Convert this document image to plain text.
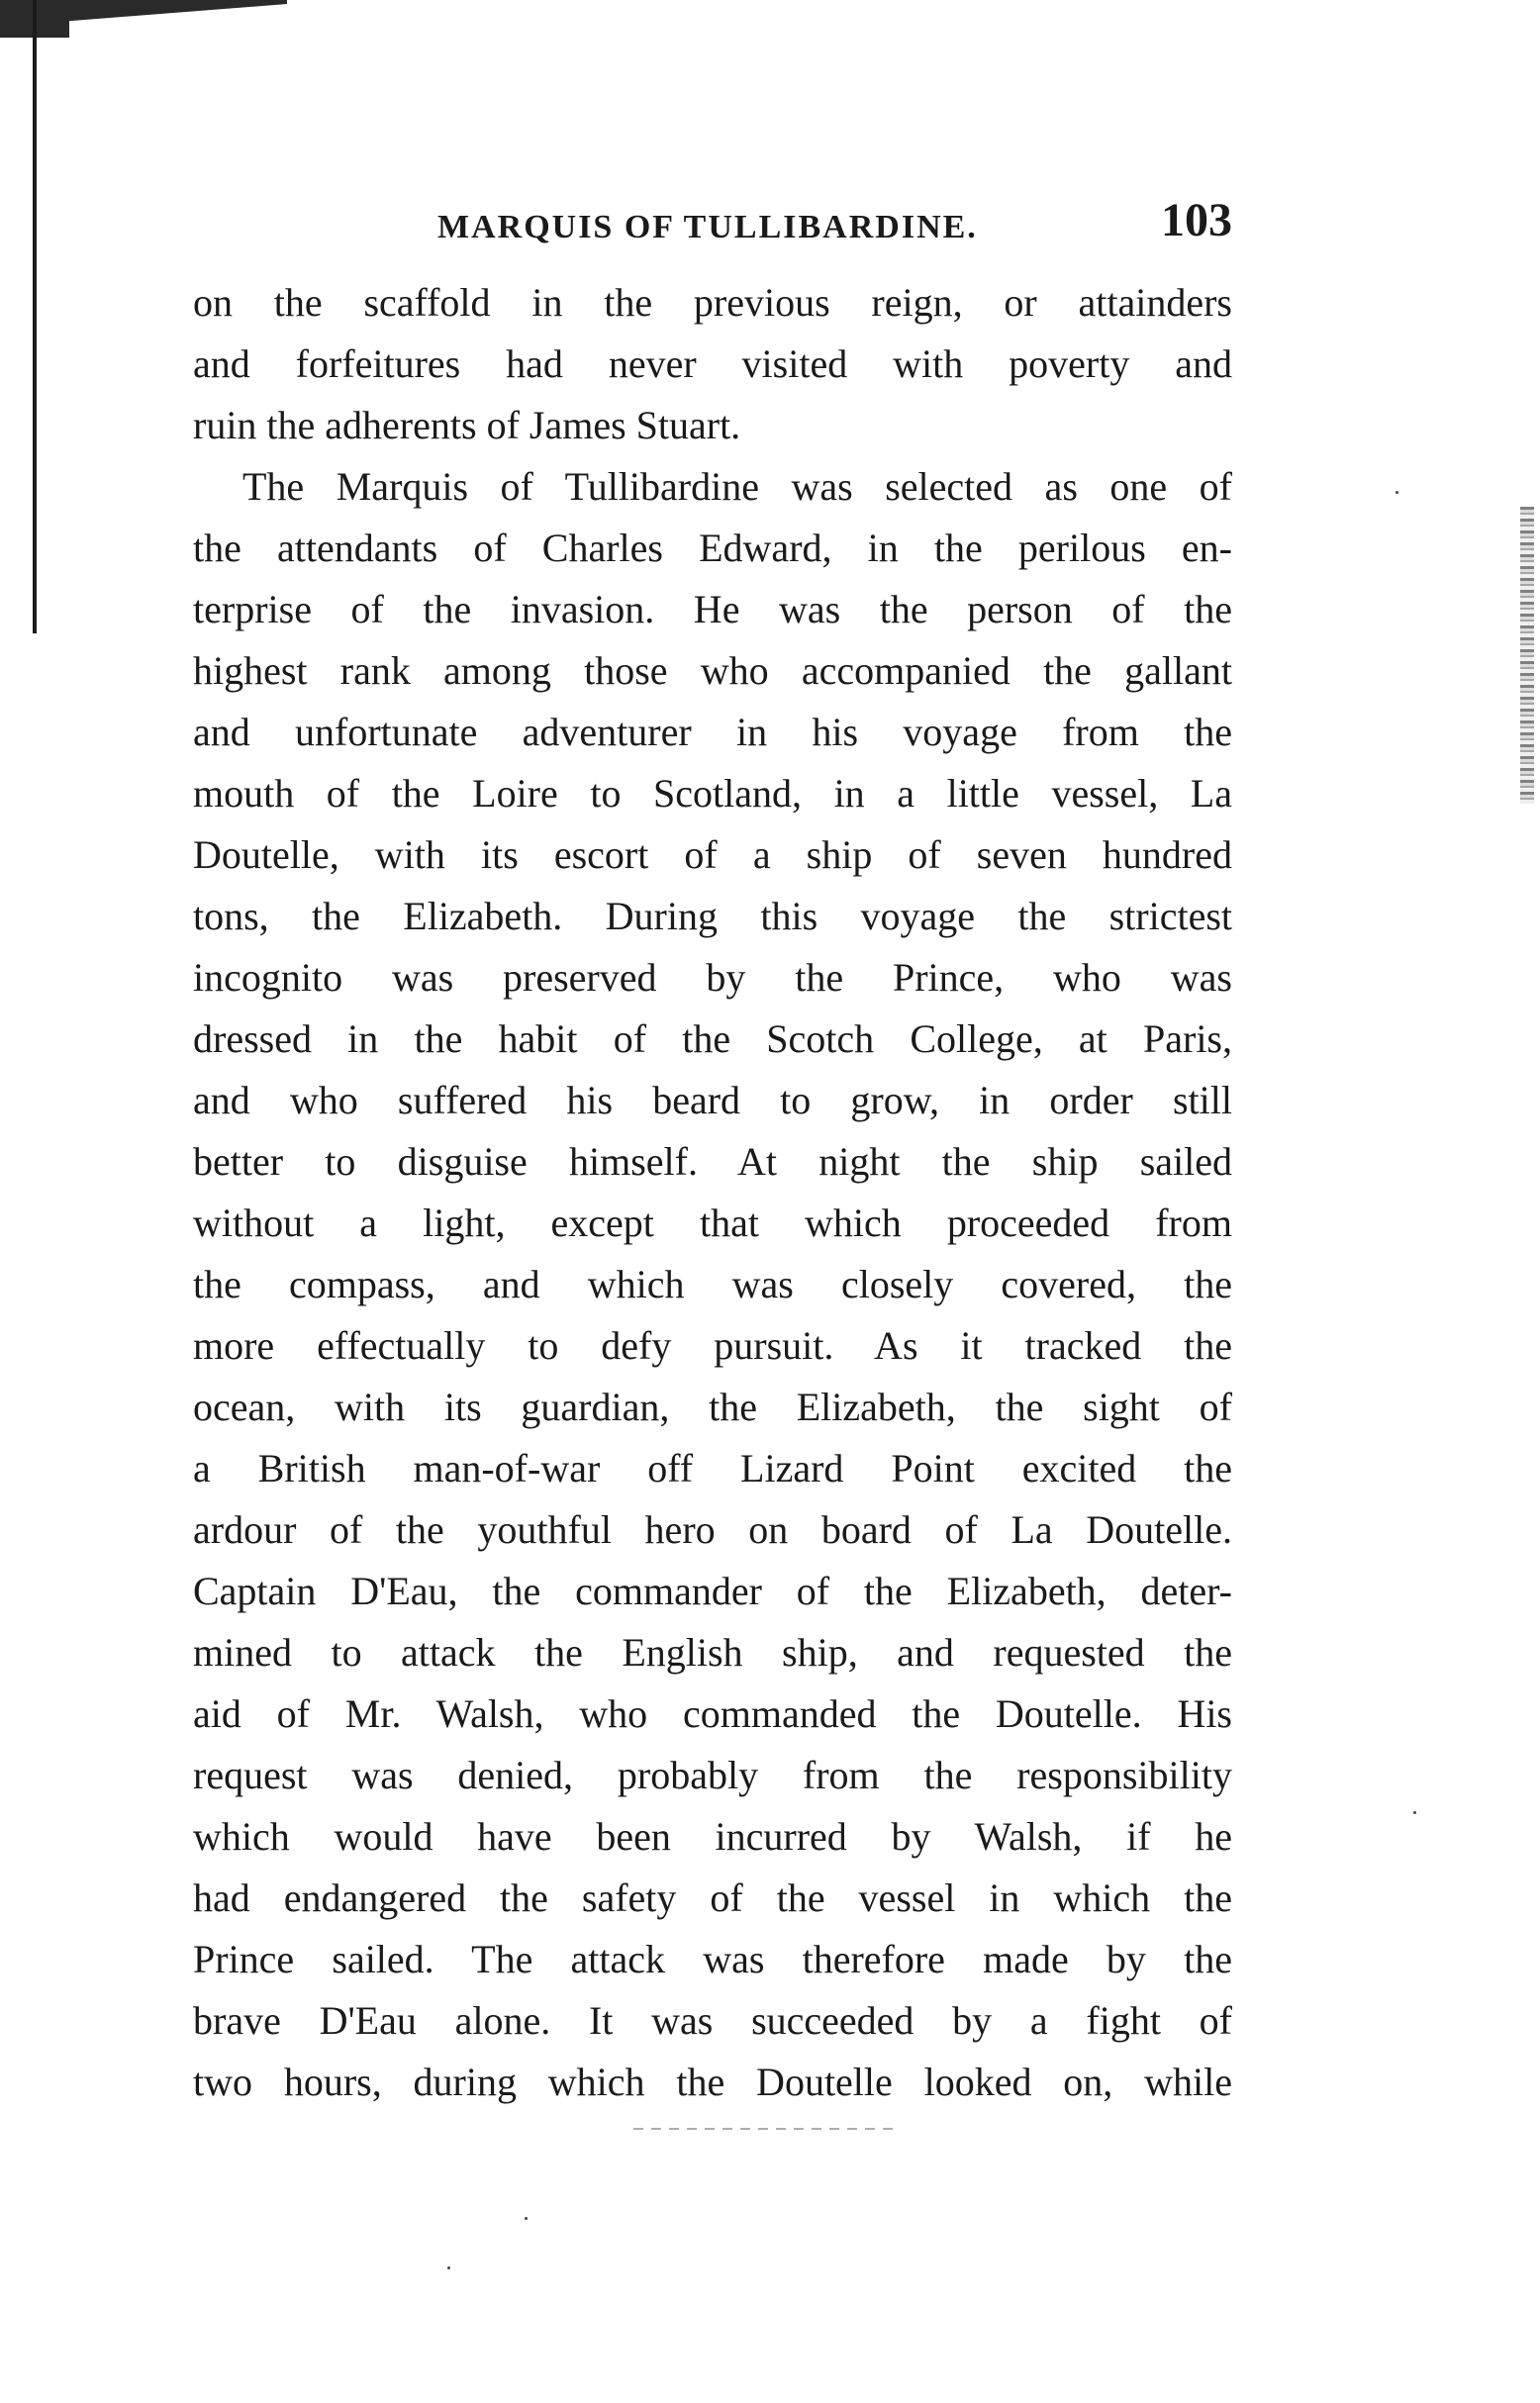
MARQUIS OF TULLIBARDINE.	103
on the scaffold in the previous reign, or attainders
and forfeitures had never visited with poverty and
ruin the adherents of James Stuart.
The Marquis of Tullibardine was selected as one of
the attendants of Charles Edward, in the perilous en-
terprise of the invasion. He was the person of the
highest rank among those who accompanied the gallant
and unfortunate adventurer in his voyage from the
mouth of the Loire to Scotland, in a little vessel, La
Doutelle, with its escort of a ship of seven hundred
tons, the Elizabeth. During this voyage the strictest
incognito was preserved by the Prince, who was
dressed in the habit of the Scotch College, at Paris,
and who suffered his beard to grow, in order still
better to disguise himself. At night the ship sailed
without a light, except that which proceeded from
the compass, and which was closely covered, the
more effectually to defy pursuit. As it tracked the
ocean, with its guardian, the Elizabeth, the sight of
a British man-of-war off Lizard Point excited the
ardour of the youthful hero on board of La Doutelle.
Captain D'Eau, the commander of the Elizabeth, deter-
mined to attack the English ship, and requested the
aid of Mr. Walsh, who commanded the Doutelle. His
request was denied, probably from the responsibility
which would have been incurred by Walsh, if he
had endangered the safety of the vessel in which the
Prince sailed. The attack was therefore made by the
brave D'Eau alone. It was succeeded by a fight of
two hours, during which the Doutelle looked on, while
